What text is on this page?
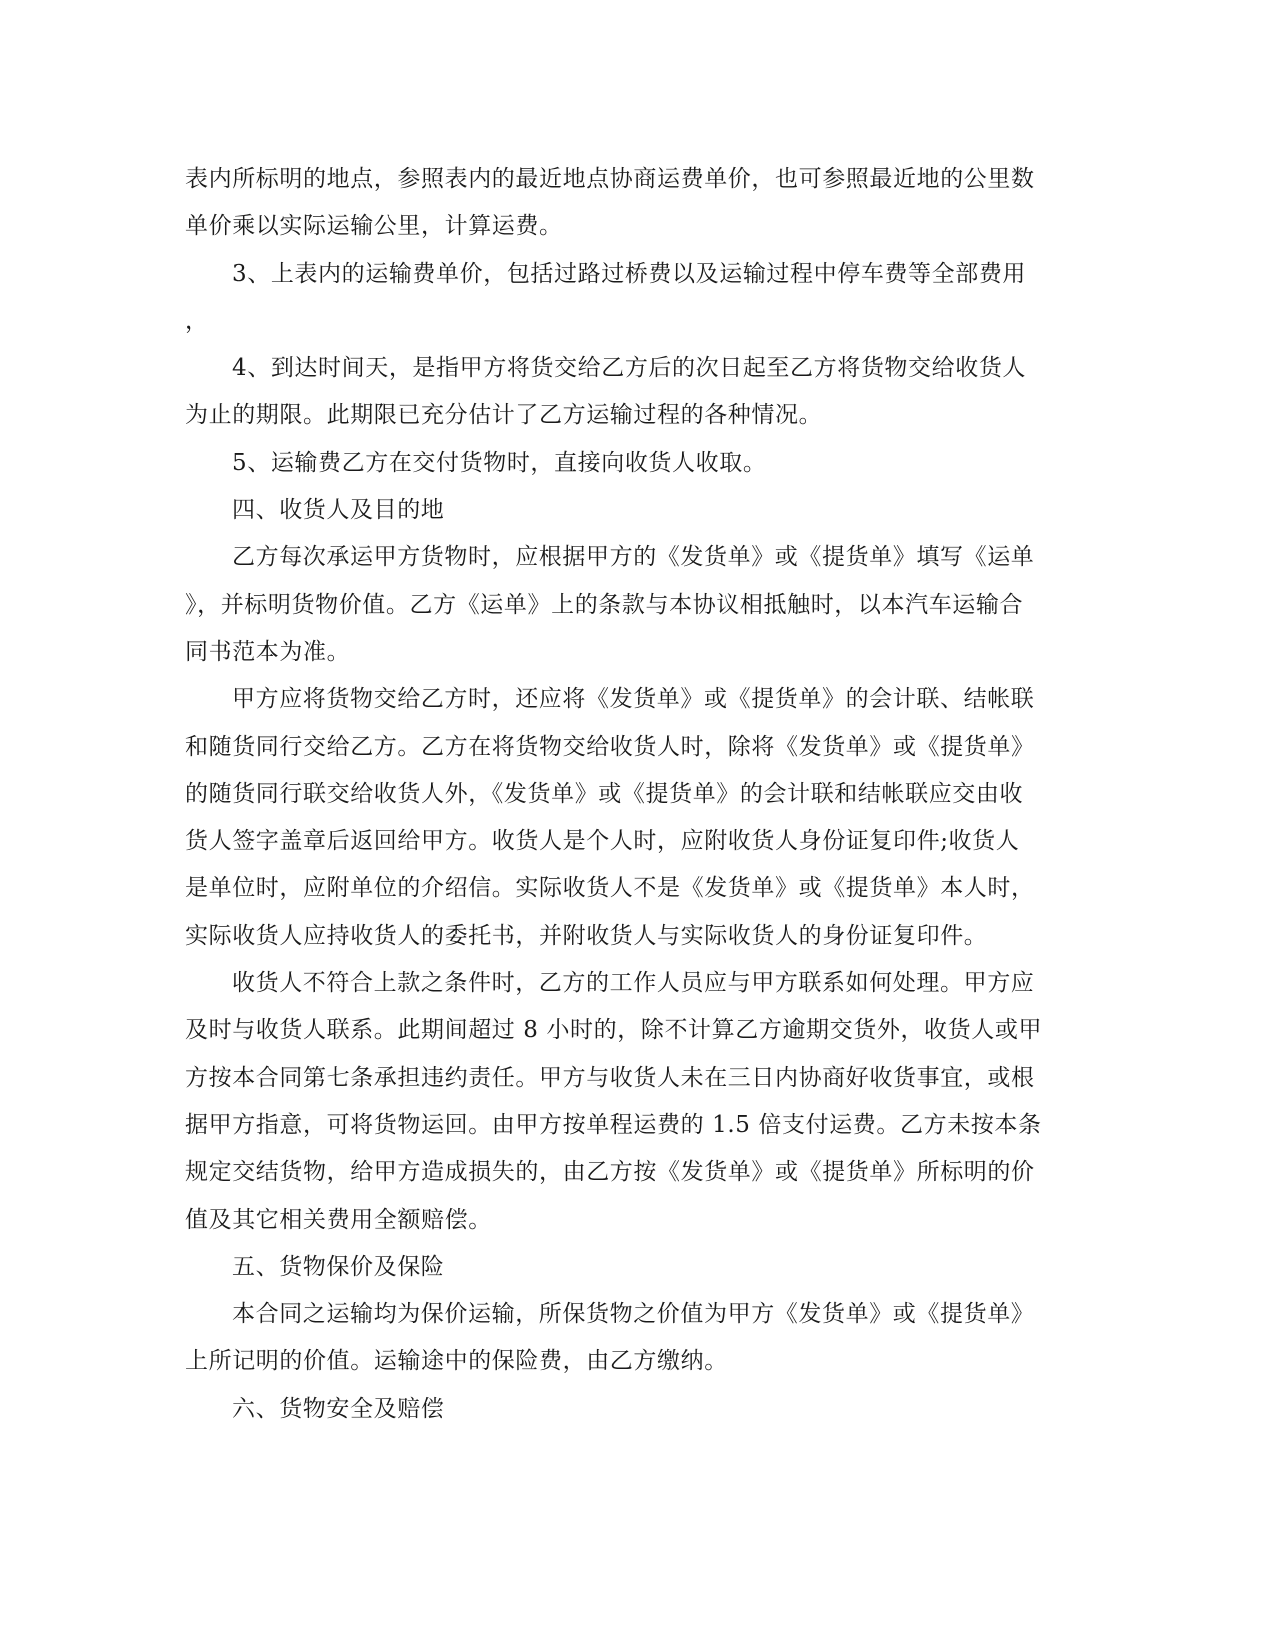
表内所标明的地点，参照表内的最近地点协商运费单价，也可参照最近地的公里数
单价乘以实际运输公里，计算运费。
3、上表内的运输费单价，包括过路过桥费以及运输过程中停车费等全部费用
，
4、到达时间天，是指甲方将货交给乙方后的次日起至乙方将货物交给收货人
为止的期限。此期限已充分估计了乙方运输过程的各种情况。
5、运输费乙方在交付货物时，直接向收货人收取。
四、收货人及目的地
乙方每次承运甲方货物时，应根据甲方的《发货单》或《提货单》填写《运单
》，并标明货物价值。乙方《运单》上的条款与本协议相抵触时，以本汽车运输合
同书范本为准。
甲方应将货物交给乙方时，还应将《发货单》或《提货单》的会计联、结帐联
和随货同行交给乙方。乙方在将货物交给收货人时，除将《发货单》或《提货单》
的随货同行联交给收货人外，《发货单》或《提货单》的会计联和结帐联应交由收
货人签字盖章后返回给甲方。收货人是个人时，应附收货人身份证复印件;收货人
是单位时，应附单位的介绍信。实际收货人不是《发货单》或《提货单》本人时，
实际收货人应持收货人的委托书，并附收货人与实际收货人的身份证复印件。
收货人不符合上款之条件时，乙方的工作人员应与甲方联系如何处理。甲方应
及时与收货人联系。此期间超过 8 小时的，除不计算乙方逾期交货外，收货人或甲
方按本合同第七条承担违约责任。甲方与收货人未在三日内协商好收货事宜，或根
据甲方指意，可将货物运回。由甲方按单程运费的 1.5 倍支付运费。乙方未按本条
规定交结货物，给甲方造成损失的，由乙方按《发货单》或《提货单》所标明的价
值及其它相关费用全额赔偿。
五、货物保价及保险
本合同之运输均为保价运输，所保货物之价值为甲方《发货单》或《提货单》
上所记明的价值。运输途中的保险费，由乙方缴纳。
六、货物安全及赔偿
